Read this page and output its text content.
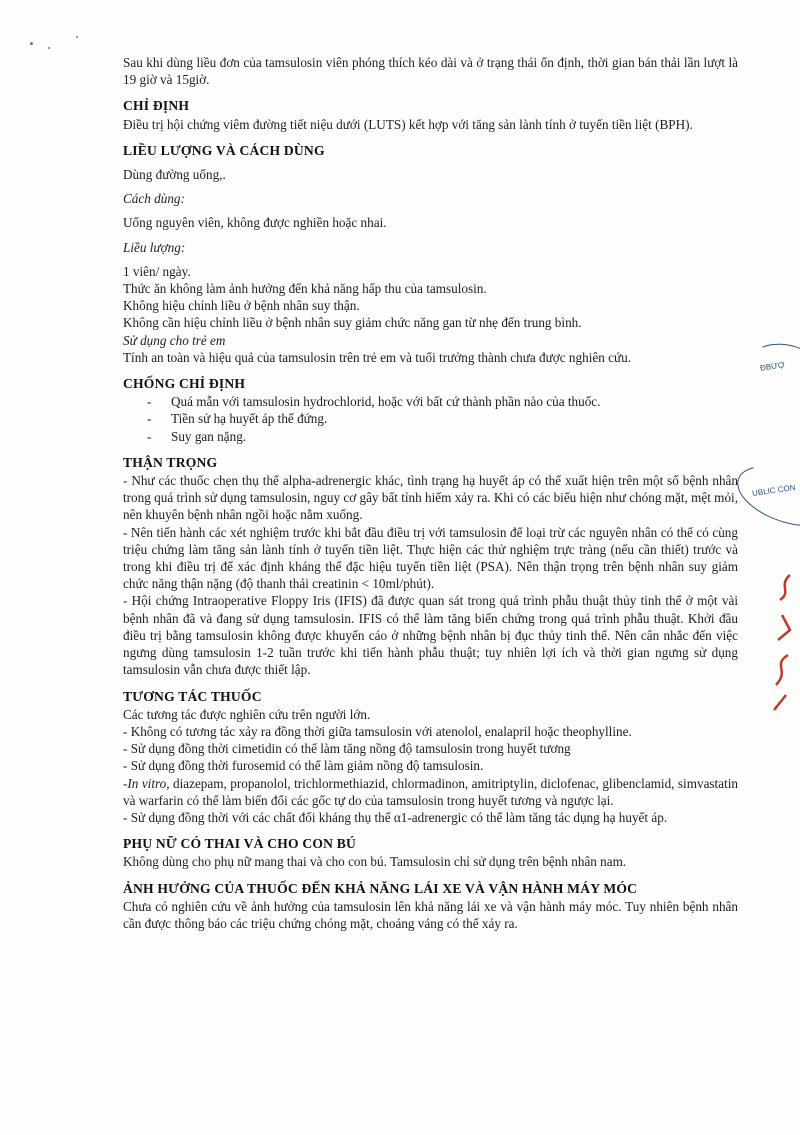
ĐBƯỢ
UBLIC CON

Sau khi dùng liều đơn của tamsulosin viên phóng thích kéo dài và ở trạng thái ổn định, thời gian bán thải lần lượt là 19 giờ và 15giờ.

CHỈ ĐỊNH

Điều trị hội chứng viêm đường tiết niệu dưới (LUTS) kết hợp với tăng sản lành tính ở tuyến tiền liệt (BPH).

LIỀU LƯỢNG VÀ CÁCH DÙNG

Dùng đường uống,.

Cách dùng:

Uống nguyên viên, không được nghiền hoặc nhai.

Liều lượng:

1 viên/ ngày.

Thức ăn không làm ảnh hưởng đến khả năng hấp thu của tamsulosin.

Không hiệu chỉnh liều ở bệnh nhân suy thận.

Không cần hiệu chỉnh liều ở bệnh nhân suy giảm chức năng gan từ nhẹ đến trung bình.

Sử dụng cho trẻ em

Tính an toàn và hiệu quả của tamsulosin trên trẻ em và tuổi trưởng thành chưa được nghiên cứu.

CHỐNG CHỈ ĐỊNH
- Quá mẫn với tamsulosin hydrochlorid, hoặc với bất cứ thành phần nào của thuốc.
- Tiền sử hạ huyết áp thế đứng.
- Suy gan nặng.
THẬN TRỌNG

- Như các thuốc chẹn thụ thể alpha-adrenergic khác, tình trạng hạ huyết áp có thể xuất hiện trên một số bệnh nhân trong quá trình sử dụng tamsulosin, nguy cơ gây bất tỉnh hiếm xảy ra. Khi có các biểu hiện như chóng mặt, mệt mỏi, nên khuyên bệnh nhân ngồi hoặc nằm xuống.

- Nên tiến hành các xét nghiệm trước khi bắt đầu điều trị với tamsulosin để loại trừ các nguyên nhân có thể có cùng triệu chứng làm tăng sản lành tính ở tuyến tiền liệt. Thực hiện các thử nghiệm trực tràng (nếu cần thiết) trước và trong khi điều trị để xác định kháng thể đặc hiệu tuyến tiền liệt (PSA). Nên thận trọng trên bệnh nhân suy giảm chức năng thận nặng (độ thanh thải creatinin < 10ml/phút).

- Hội chứng Intraoperative Floppy Iris (IFIS) đã được quan sát trong quá trình phẫu thuật thủy tinh thể ở một vài bệnh nhân đã và đang sử dụng tamsulosin. IFIS có thể làm tăng biến chứng trong quá trình phẫu thuật. Khởi đầu điều trị bằng tamsulosin không được khuyến cáo ở những bệnh nhân bị đục thủy tinh thể. Nên cân nhắc đến việc ngưng dùng tamsulosin 1-2 tuần trước khi tiến hành phẫu thuật; tuy nhiên lợi ích và thời gian ngưng sử dụng tamsulosin vẫn chưa được thiết lập.

TƯƠNG TÁC THUỐC

Các tương tác được nghiên cứu trên người lớn.

- Không có tương tác xảy ra đồng thời giữa tamsulosin với atenolol, enalapril hoặc theophylline.

- Sử dụng đồng thời cimetidin có thể làm tăng nồng độ tamsulosin trong huyết tương

- Sử dụng đồng thời furosemid có thể làm giảm nồng độ tamsulosin.

-In vitro, diazepam, propanolol, trichlormethiazid, chlormadinon, amitriptylin, diclofenac, glibenclamid, simvastatin và warfarin có thể làm biến đổi các gốc tự do của tamsulosin trong huyết tương và ngược lại.

- Sử dụng đồng thời với các chất đối kháng thụ thể α1-adrenergic có thể làm tăng tác dụng hạ huyết áp.

PHỤ NỮ CÓ THAI VÀ CHO CON BÚ

Không dùng cho phụ nữ mang thai và cho con bú. Tamsulosin chỉ sử dụng trên bệnh nhân nam.

ẢNH HƯỞNG CỦA THUỐC ĐẾN KHẢ NĂNG LÁI XE VÀ VẬN HÀNH MÁY MÓC

Chưa có nghiên cứu về ảnh hưởng của tamsulosin lên khả năng lái xe và vận hành máy móc. Tuy nhiên bệnh nhân cần được thông báo các triệu chứng chóng mặt, choáng váng có thể xảy ra.
